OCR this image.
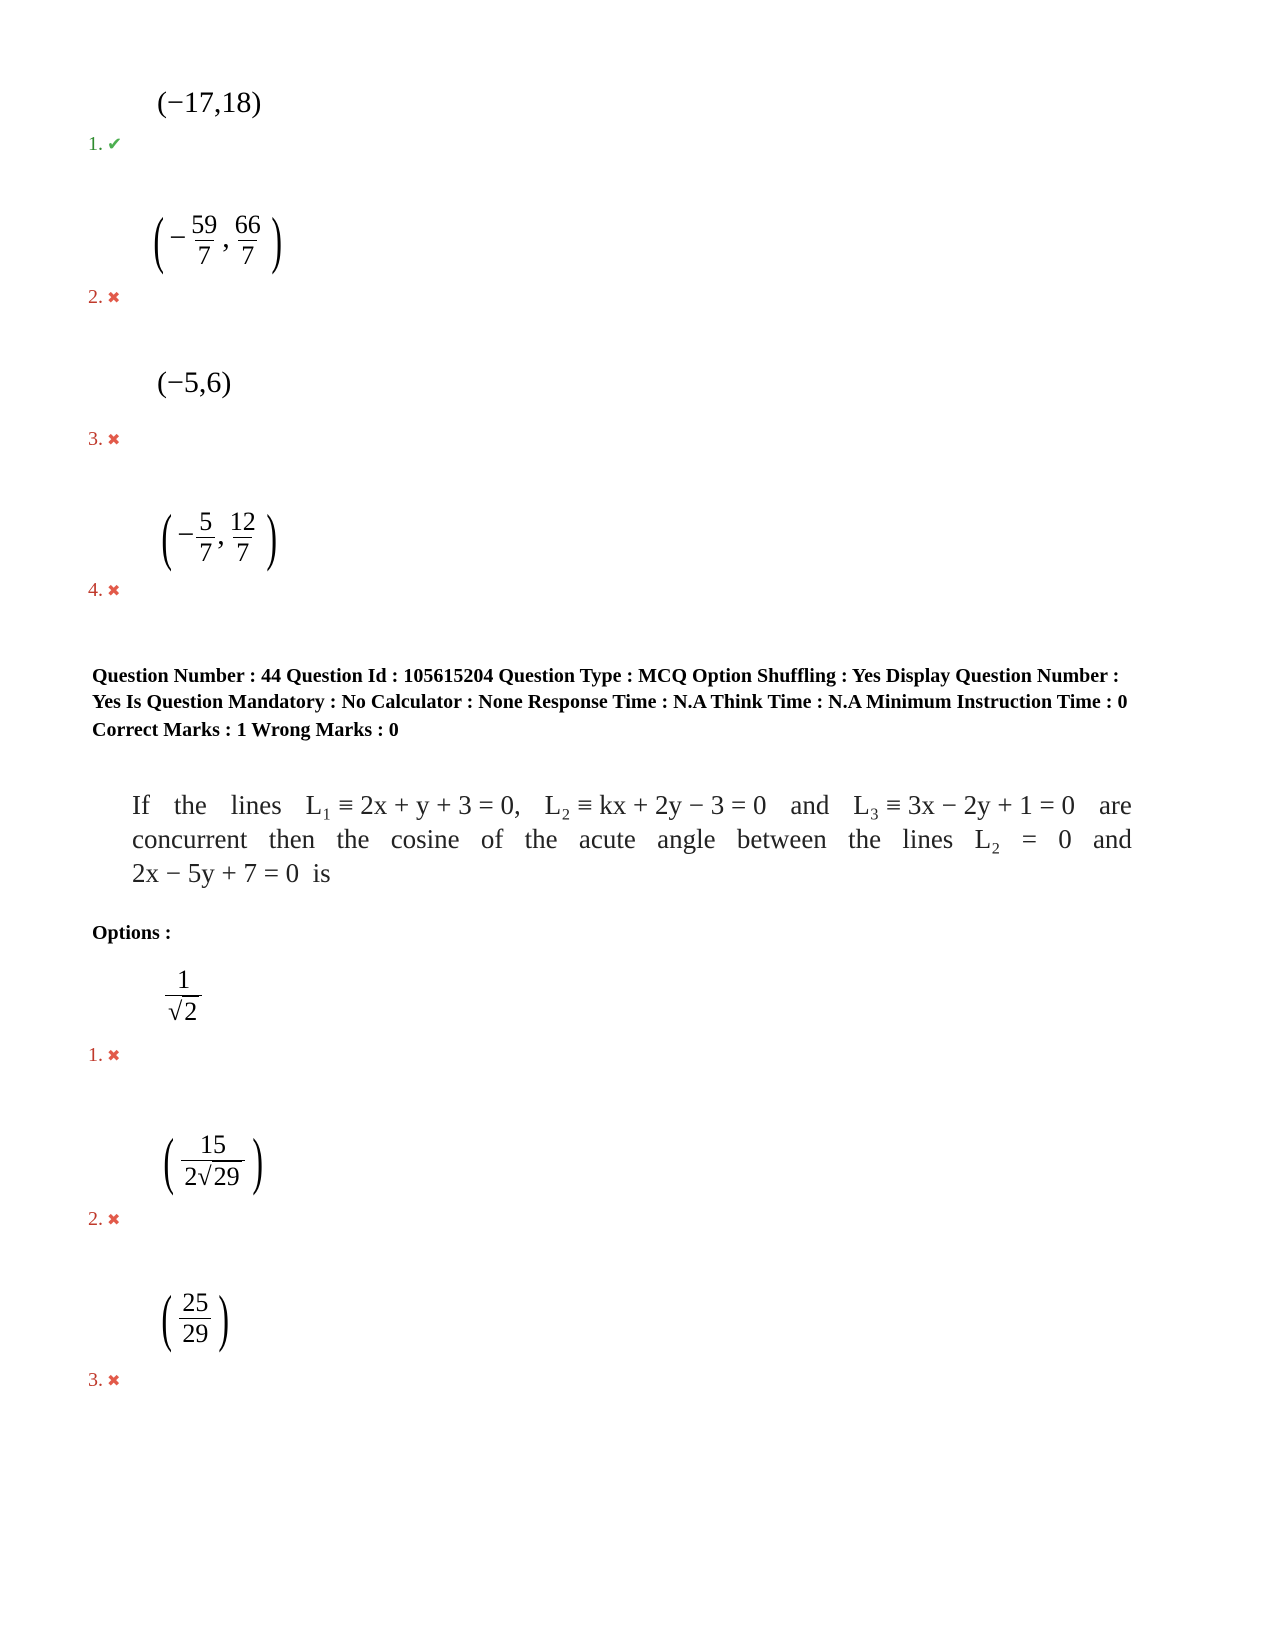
(−17,18)
1. ✔
( − $\frac{59}{7}$ , $\frac{66}{7}$ )
2. ✖
(−5,6)
3. ✖
( − $\frac{5}{7}$ , $\frac{12}{7}$ )
4. ✖
Question Number : 44 Question Id : 105615204 Question Type : MCQ Option Shuffling : Yes Display Question Number :
Yes Is Question Mandatory : No Calculator : None Response Time : N.A Think Time : N.A Minimum Instruction Time : 0
Correct Marks : 1 Wrong Marks : 0
If the lines L₁ ≡ 2x + y + 3 = 0, L₂ ≡ kx + 2y − 3 = 0 and L₃ ≡ 3x − 2y + 1 = 0 are
concurrent then the cosine of the acute angle between the lines L₂ = 0 and
2x − 5y + 7 = 0  is
Options :
$\frac{1}{√ 2}$
1. ✖
( $\frac{15}{2√ 29}$ )
2. ✖
( $\frac{25}{29}$ )
3. ✖
